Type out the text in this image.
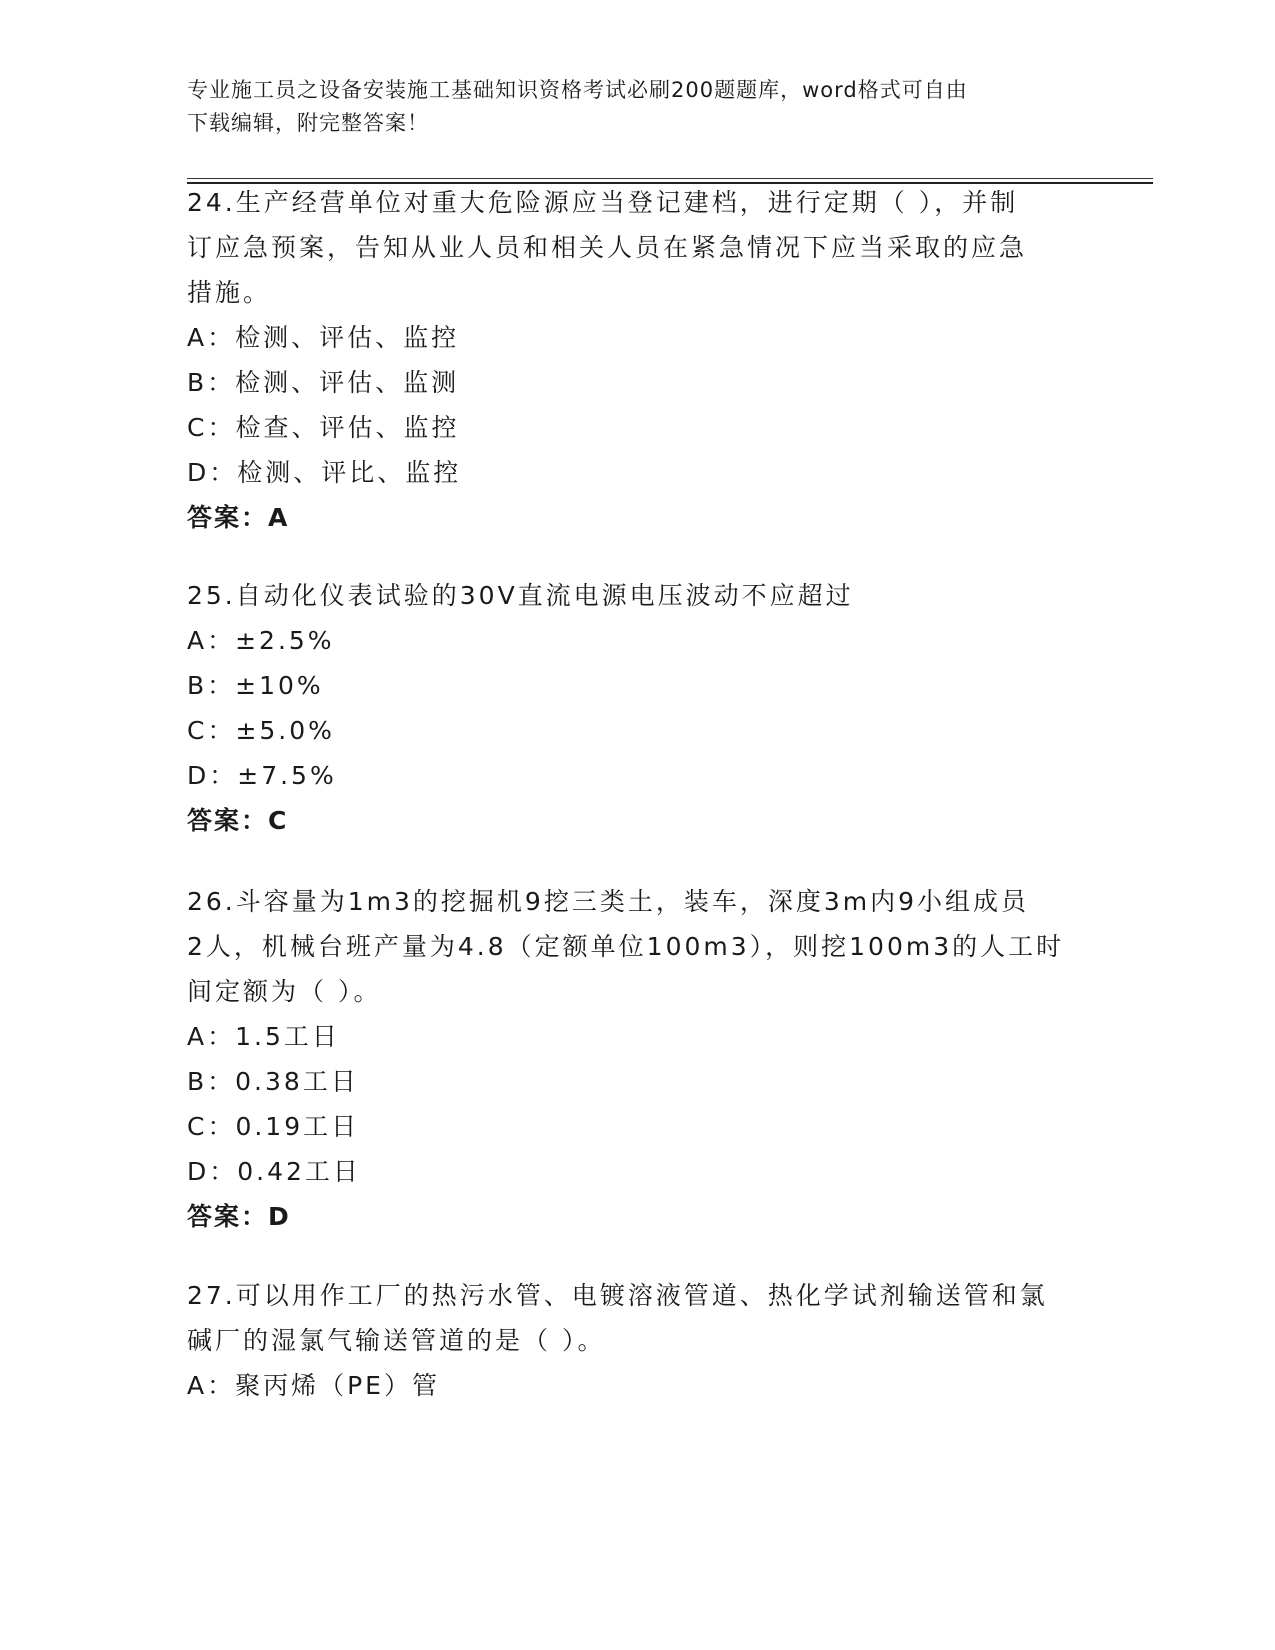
专业施工员之设备安装施工基础知识资格考试必刷200题题库，word格式可自由
下载编辑，附完整答案！

24.生产经营单位对重大危险源应当登记建档，进行定期（ ），并制

订应急预案，告知从业人员和相关人员在紧急情况下应当采取的应急

措施。

A：检测、评估、监控

B：检测、评估、监测

C：检查、评估、监控

D：检测、评比、监控

答案：A

25.自动化仪表试验的30V直流电源电压波动不应超过

A：±2.5%

B：±10%

C：±5.0%

D：±7.5%

答案：C

26.斗容量为1m3的挖掘机9挖三类土，装车，深度3m内9小组成员

2人，机械台班产量为4.8（定额单位100m3），则挖100m3的人工时

间定额为（ ）。

A：1.5工日

B：0.38工日

C：0.19工日

D：0.42工日

答案：D

27.可以用作工厂的热污水管、电镀溶液管道、热化学试剂输送管和氯

碱厂的湿氯气输送管道的是（ ）。

A：聚丙烯（PE）管
